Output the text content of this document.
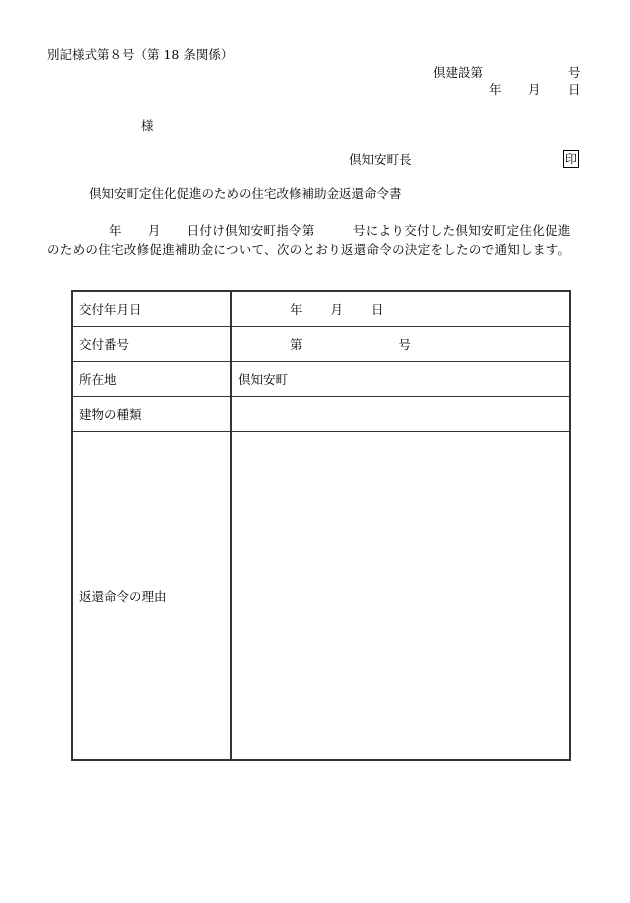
別記様式第８号（第 18 条関係）
倶建設第	号
年 月 日
様
倶知安町長	印
倶知安町定住化促進のための住宅改修補助金返還命令書
年 月 日付け倶知安町指令第　　　号により交付した倶知安町定住化促進のための住宅改修促進補助金について、次のとおり返還命令の決定をしたので通知します。
交付年月日	年 月 日
交付番号	第 号
所在地	倶知安町
建物の種類	
返還命令の理由	
